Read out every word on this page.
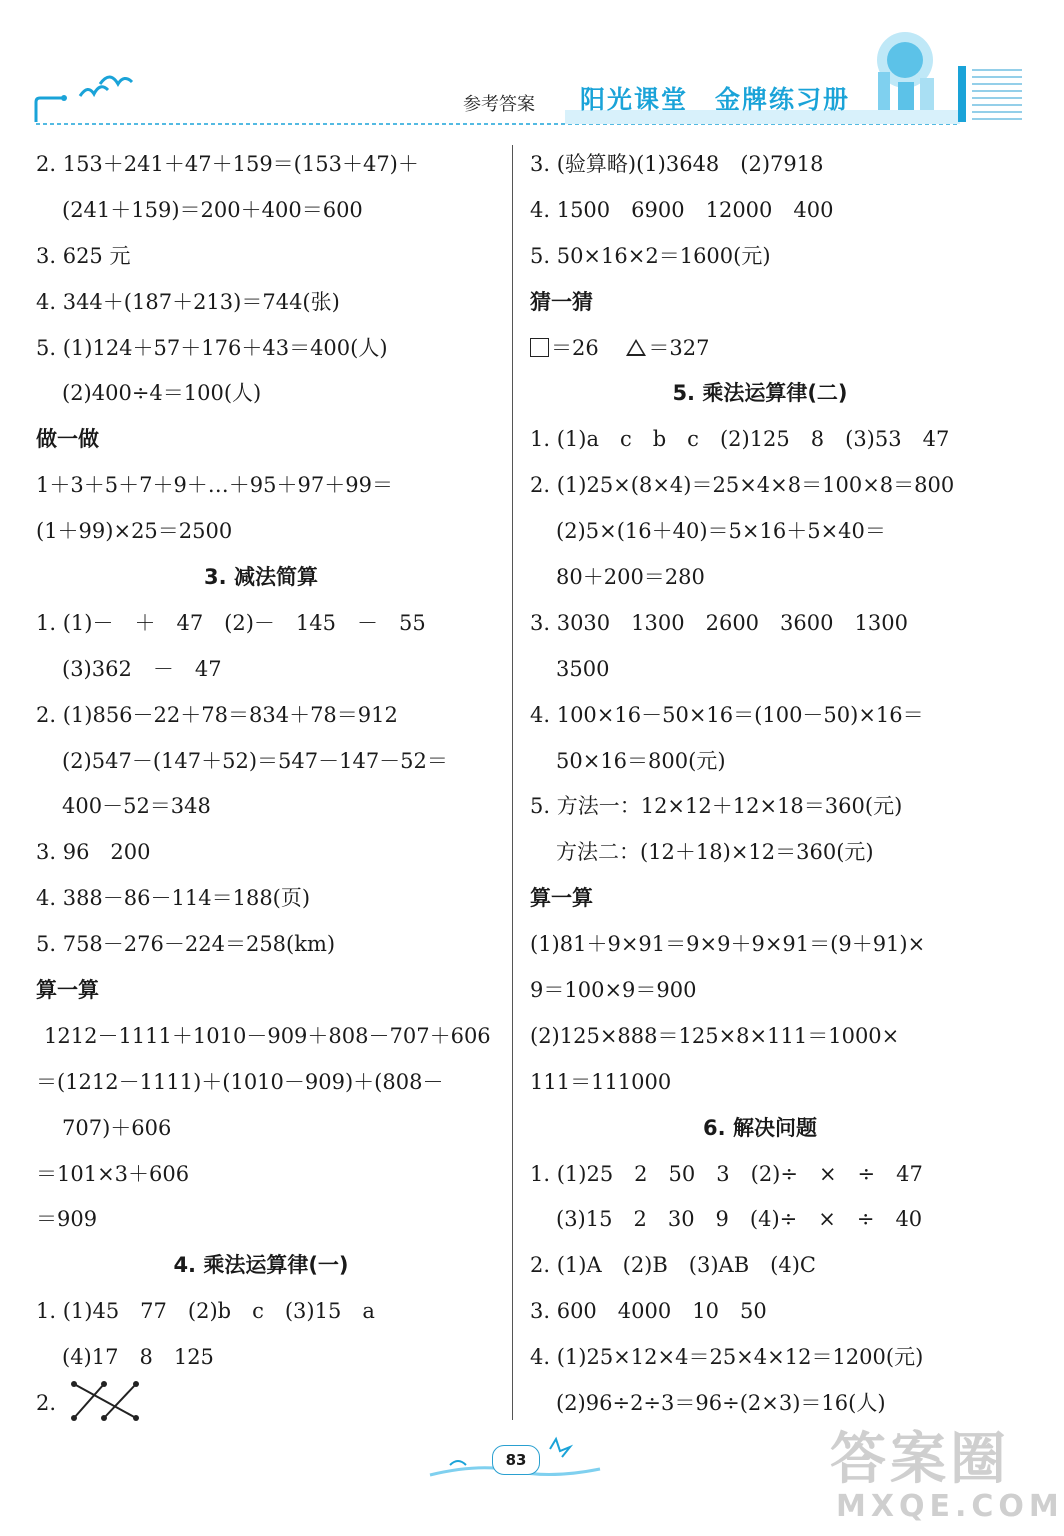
参考答案 阳光课堂　金牌练习册
2. 153＋241＋47＋159＝(153＋47)＋
(241＋159)＝200＋400＝600
3. 625 元
4. 344＋(187＋213)＝744(张)
5. (1)124＋57＋176＋43＝400(人)
(2)400÷4＝100(人)
做一做
1＋3＋5＋7＋9＋…＋95＋97＋99＝
(1＋99)×25＝2500
3. 减法简算
1. (1)－　＋　47　(2)－　145　－　55
(3)362　－　47
2. (1)856－22＋78＝834＋78＝912
(2)547－(147＋52)＝547－147－52＝
400－52＝348
3. 96　200
4. 388－86－114＝188(页)
5. 758－276－224＝258(km)
算一算
1212－1111＋1010－909＋808－707＋606
＝(1212－1111)＋(1010－909)＋(808－
707)＋606
＝101×3＋606
＝909
4. 乘法运算律(一)
1. (1)45　77　(2)b　c　(3)15　a
(4)17　8　125
2.
3. (验算略)(1)3648　(2)7918
4. 1500　6900　12000　400
5. 50×16×2＝1600(元)
猜一猜
＝26　 ＝327
5. 乘法运算律(二)
1. (1)a　c　b　c　(2)125　8　(3)53　47
2. (1)25×(8×4)＝25×4×8＝100×8＝800
(2)5×(16＋40)＝5×16＋5×40＝
80＋200＝280
3. 3030　1300　2600　3600　1300
3500
4. 100×16－50×16＝(100－50)×16＝
50×16＝800(元)
5. 方法一：12×12＋12×18＝360(元)
方法二：(12＋18)×12＝360(元)
算一算
(1)81＋9×91＝9×9＋9×91＝(9＋91)×
9＝100×9＝900
(2)125×888＝125×8×111＝1000×
111＝111000
6. 解决问题
1. (1)25　2　50　3　(2)÷　×　÷　47
(3)15　2　30　9　(4)÷　×　÷　40
2. (1)A　(2)B　(3)AB　(4)C
3. 600　4000　10　50
4. (1)25×12×4＝25×4×12＝1200(元)
(2)96÷2÷3＝96÷(2×3)＝16(人)
83	答案圈
MXQE.COM
